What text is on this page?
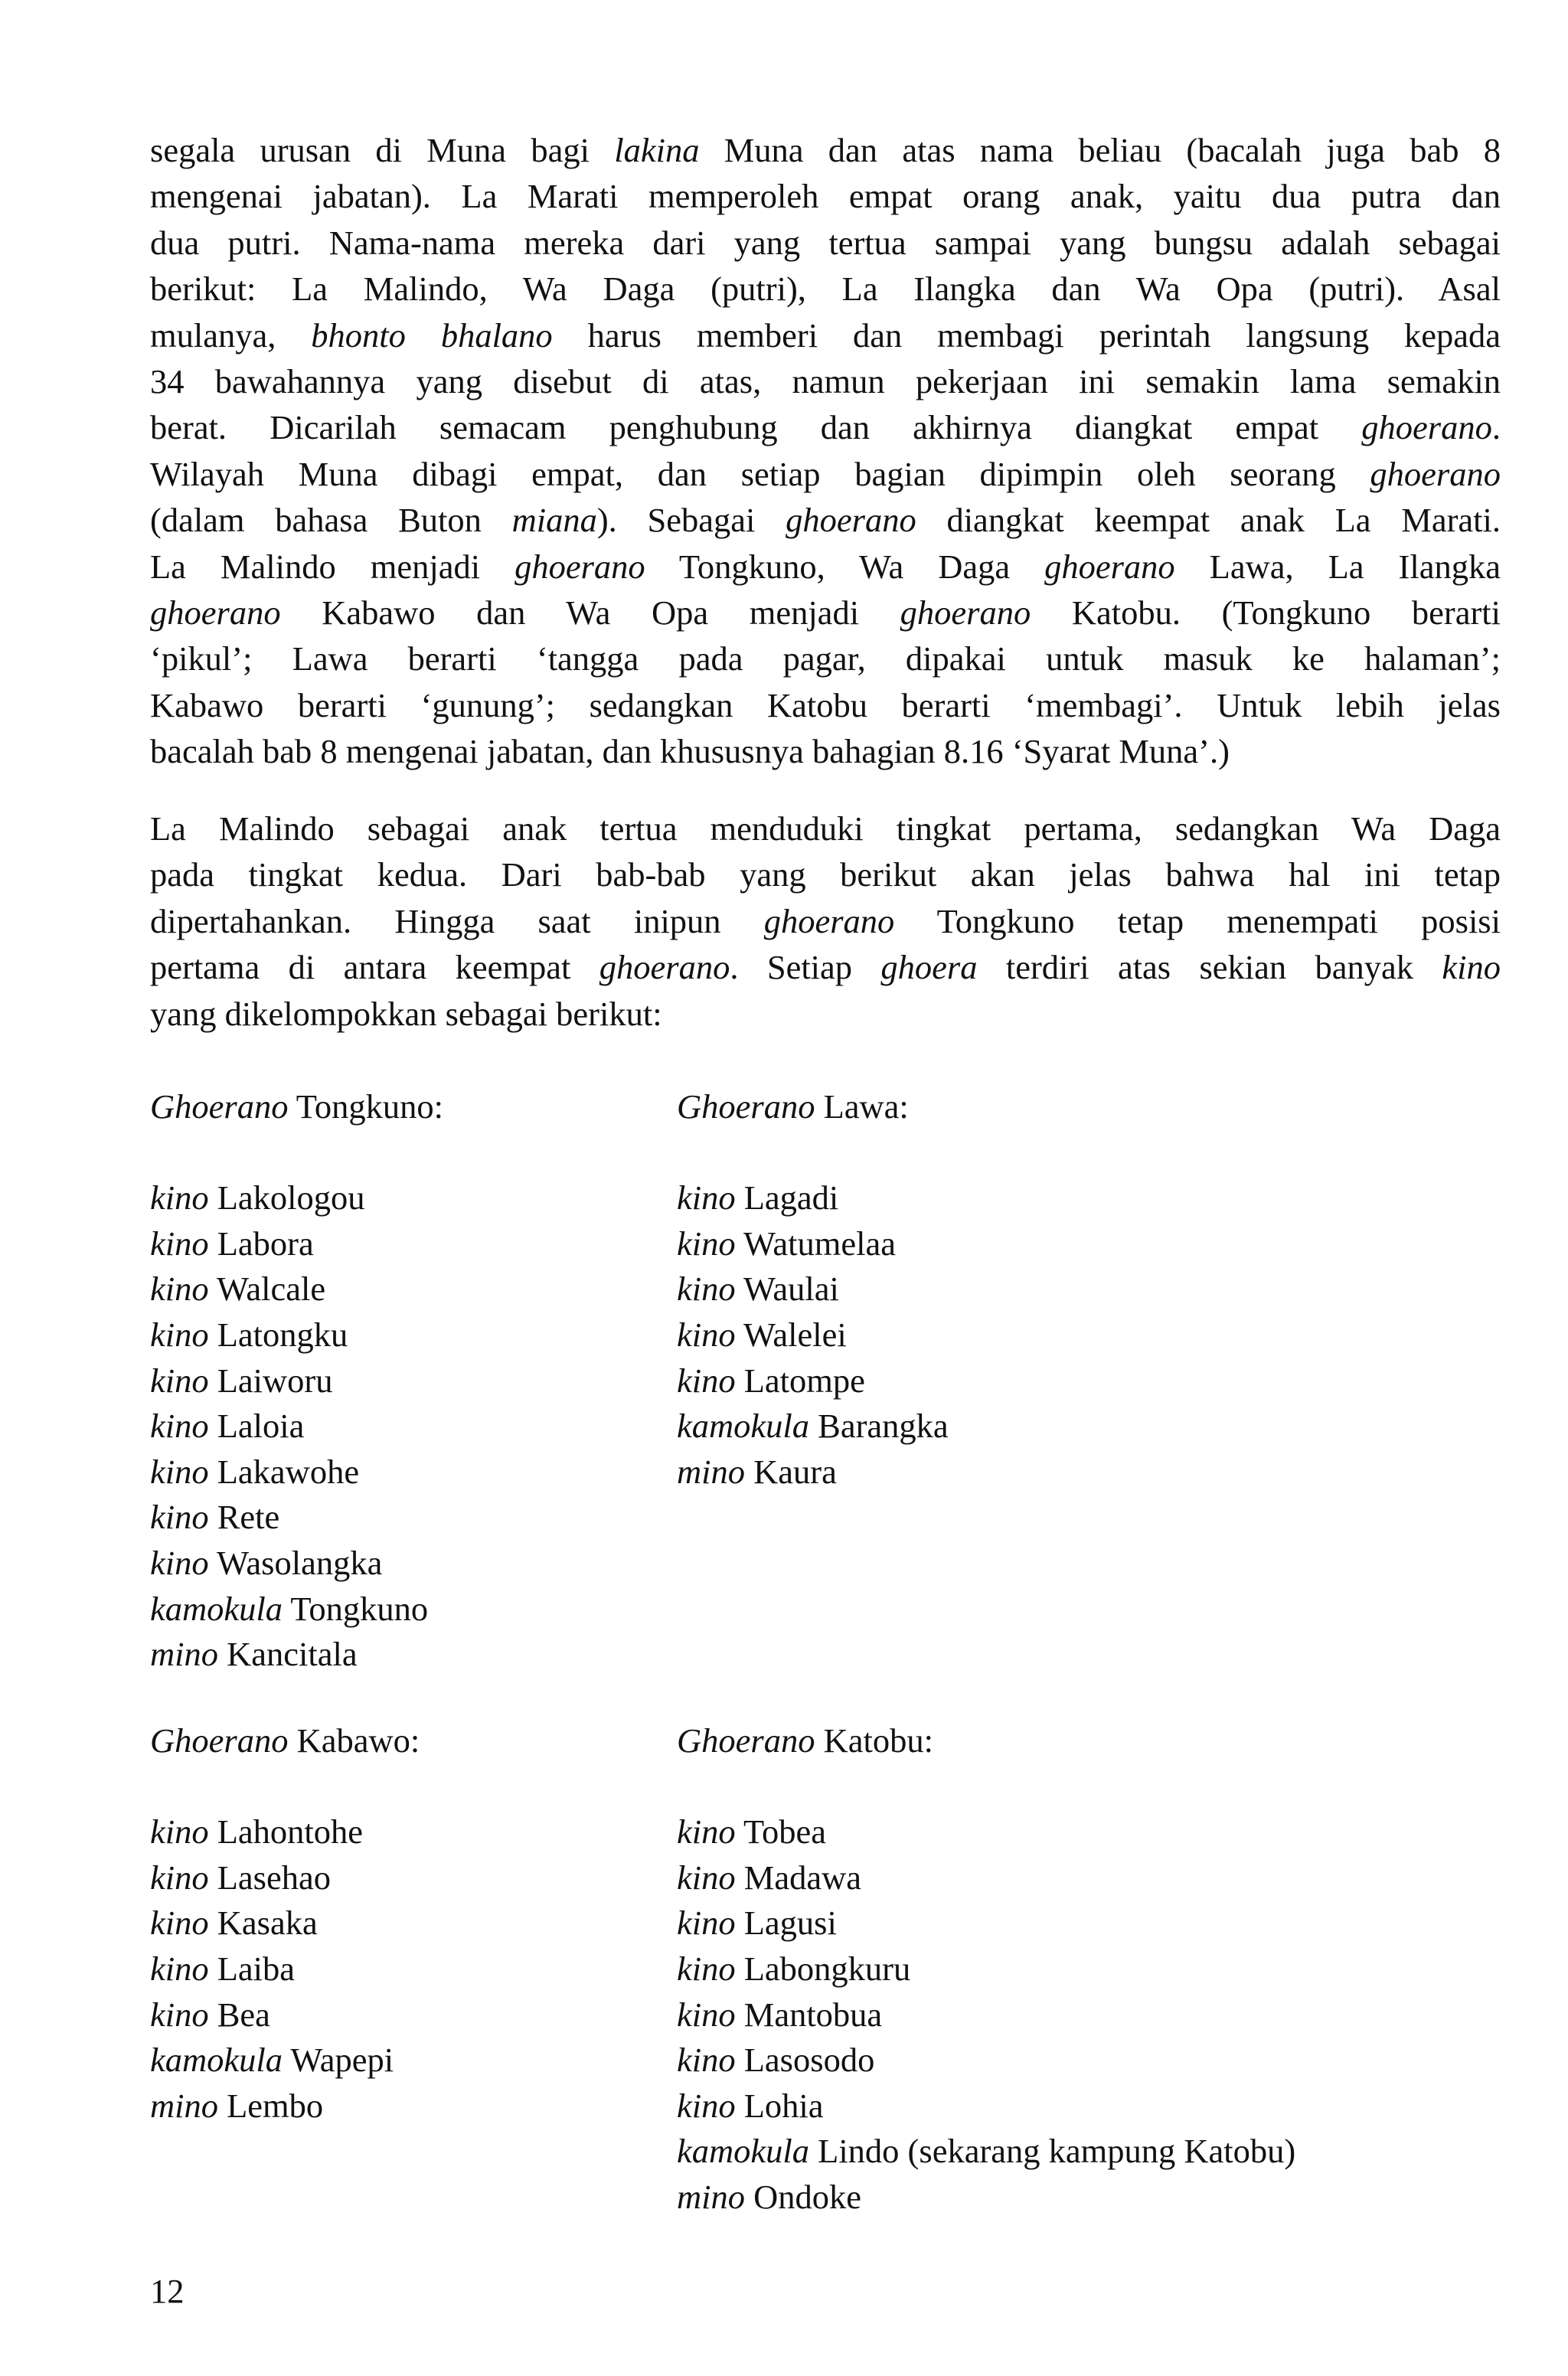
segala urusan di Muna bagi lakina Muna dan atas nama beliau (bacalah juga bab 8
mengenai jabatan). La Marati memperoleh empat orang anak, yaitu dua putra dan
dua putri. Nama-nama mereka dari yang tertua sampai yang bungsu adalah sebagai
berikut: La Malindo, Wa Daga (putri), La Ilangka dan Wa Opa (putri). Asal
mulanya, bhonto bhalano harus memberi dan membagi perintah langsung kepada
34 bawahannya yang disebut di atas, namun pekerjaan ini semakin lama semakin
berat. Dicarilah semacam penghubung dan akhirnya diangkat empat ghoerano.
Wilayah Muna dibagi empat, dan setiap bagian dipimpin oleh seorang ghoerano
(dalam bahasa Buton miana). Sebagai ghoerano diangkat keempat anak La Marati.
La Malindo menjadi ghoerano Tongkuno, Wa Daga ghoerano Lawa, La Ilangka
ghoerano Kabawo dan Wa Opa menjadi ghoerano Katobu. (Tongkuno berarti
‘pikul’; Lawa berarti ‘tangga pada pagar, dipakai untuk masuk ke halaman’;
Kabawo berarti ‘gunung’; sedangkan Katobu berarti ‘membagi’. Untuk lebih jelas
bacalah bab 8 mengenai jabatan, dan khususnya bahagian 8.16 ‘Syarat Muna’.)
La Malindo sebagai anak tertua menduduki tingkat pertama, sedangkan Wa Daga
pada tingkat kedua. Dari bab-bab yang berikut akan jelas bahwa hal ini tetap
dipertahankan. Hingga saat inipun ghoerano Tongkuno tetap menempati posisi
pertama di antara keempat ghoerano. Setiap ghoera terdiri atas sekian banyak kino
yang dikelompokkan sebagai berikut:
Ghoerano Tongkuno:
kino Lakologou
kino Labora
kino Walcale
kino Latongku
kino Laiworu
kino Laloia
kino Lakawohe
kino Rete
kino Wasolangka
kamokula Tongkuno
mino Kancitala
Ghoerano Lawa:
kino Lagadi
kino Watumelaa
kino Waulai
kino Walelei
kino Latompe
kamokula Barangka
mino Kaura
Ghoerano Kabawo:
kino Lahontohe
kino Lasehao
kino Kasaka
kino Laiba
kino Bea
kamokula Wapepi
mino Lembo
Ghoerano Katobu:
kino Tobea
kino Madawa
kino Lagusi
kino Labongkuru
kino Mantobua
kino Lasosodo
kino Lohia
kamokula Lindo (sekarang kampung Katobu)
mino Ondoke
12
